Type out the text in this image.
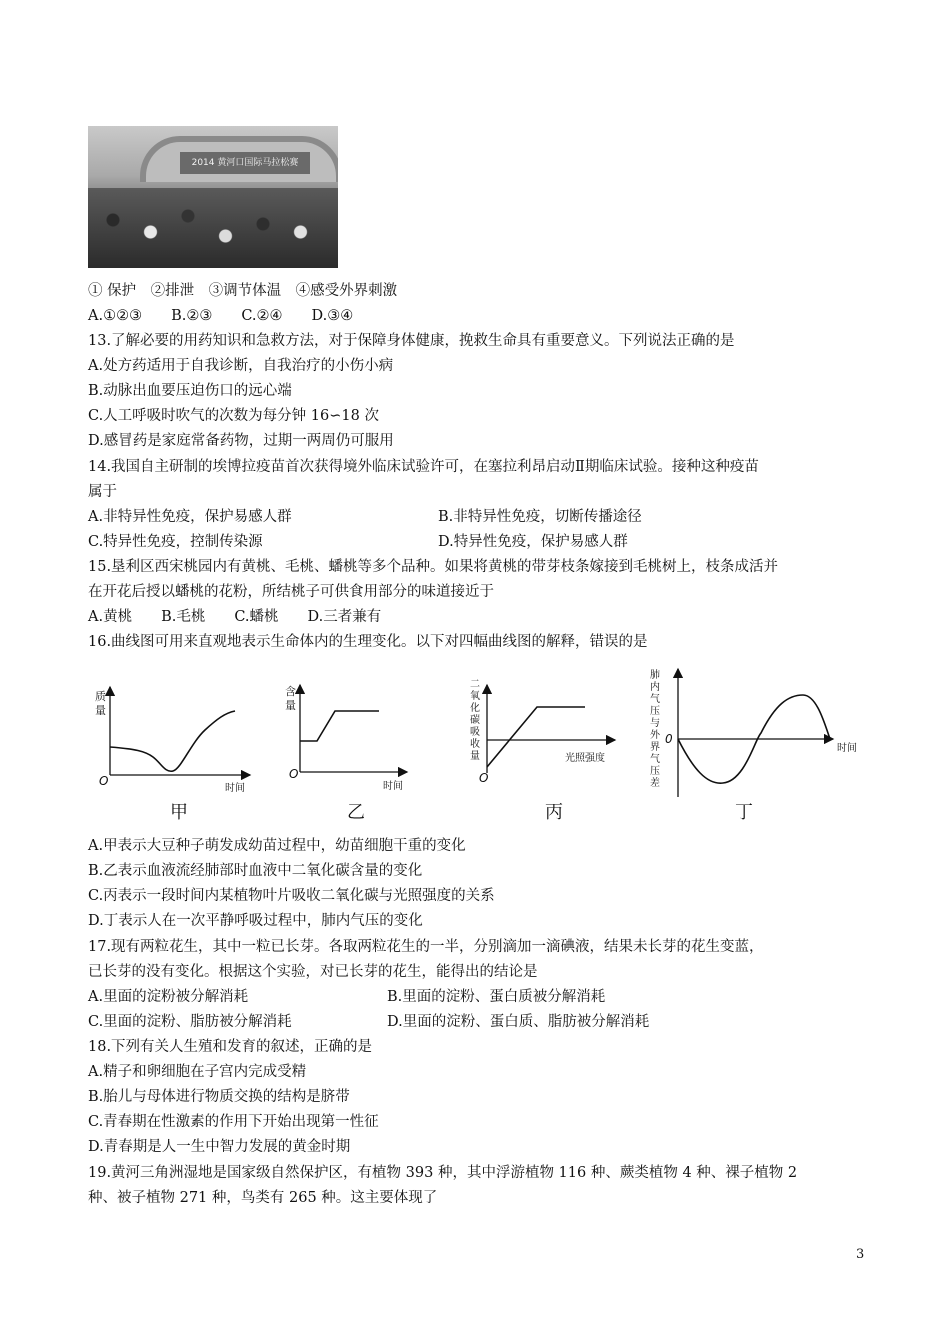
2014 黄河口国际马拉松赛
① 保护　②排泄　③调节体温　④感受外界刺激
A.①②③　　B.②③　　C.②④　　D.③④
13.了解必要的用药知识和急救方法，对于保障身体健康，挽救生命具有重要意义。下列说法正确的是
A.处方药适用于自我诊断，自我治疗的小伤小病
B.动脉出血要压迫伤口的远心端
C.人工呼吸时吹气的次数为每分钟 16∽18 次
D.感冒药是家庭常备药物，过期一两周仍可服用
14.我国自主研制的埃博拉疫苗首次获得境外临床试验许可，在塞拉利昂启动Ⅱ期临床试验。接种这种疫苗
属于
A.非特异性免疫，保护易感人群	B.非特异性免疫，切断传播途径
C.特异性免疫，控制传染源	D.特异性免疫，保护易感人群
15.垦利区西宋桃园内有黄桃、毛桃、蟠桃等多个品种。如果将黄桃的带芽枝条嫁接到毛桃树上，枝条成活并
在开花后授以蟠桃的花粉，所结桃子可供食用部分的味道接近于
A.黄桃　　B.毛桃　　C.蟠桃　　D.三者兼有
16.曲线图可用来直观地表示生命体内的生理变化。以下对四幅曲线图的解释，错误的是
质
量
O
时间
甲
含
量
O
时间
乙
二
氧
化
碳
吸
收
量
O
光照强度
丙
肺
内
气
压
与
外
界
气
压
差
0
时间
丁
A.甲表示大豆种子萌发成幼苗过程中，幼苗细胞干重的变化
B.乙表示血液流经肺部时血液中二氧化碳含量的变化
C.丙表示一段时间内某植物叶片吸收二氧化碳与光照强度的关系
D.丁表示人在一次平静呼吸过程中，肺内气压的变化
17.现有两粒花生，其中一粒已长芽。各取两粒花生的一半，分别滴加一滴碘液，结果未长芽的花生变蓝，
已长芽的没有变化。根据这个实验，对已长芽的花生，能得出的结论是
A.里面的淀粉被分解消耗	B.里面的淀粉、蛋白质被分解消耗
C.里面的淀粉、脂肪被分解消耗	D.里面的淀粉、蛋白质、脂肪被分解消耗
18.下列有关人生殖和发育的叙述，正确的是
A.精子和卵细胞在子宫内完成受精
B.胎儿与母体进行物质交换的结构是脐带
C.青春期在性激素的作用下开始出现第一性征
D.青春期是人一生中智力发展的黄金时期
19.黄河三角洲湿地是国家级自然保护区，有植物 393 种，其中浮游植物 116 种、蕨类植物 4 种、裸子植物 2
种、被子植物 271 种，鸟类有 265 种。这主要体现了
3
